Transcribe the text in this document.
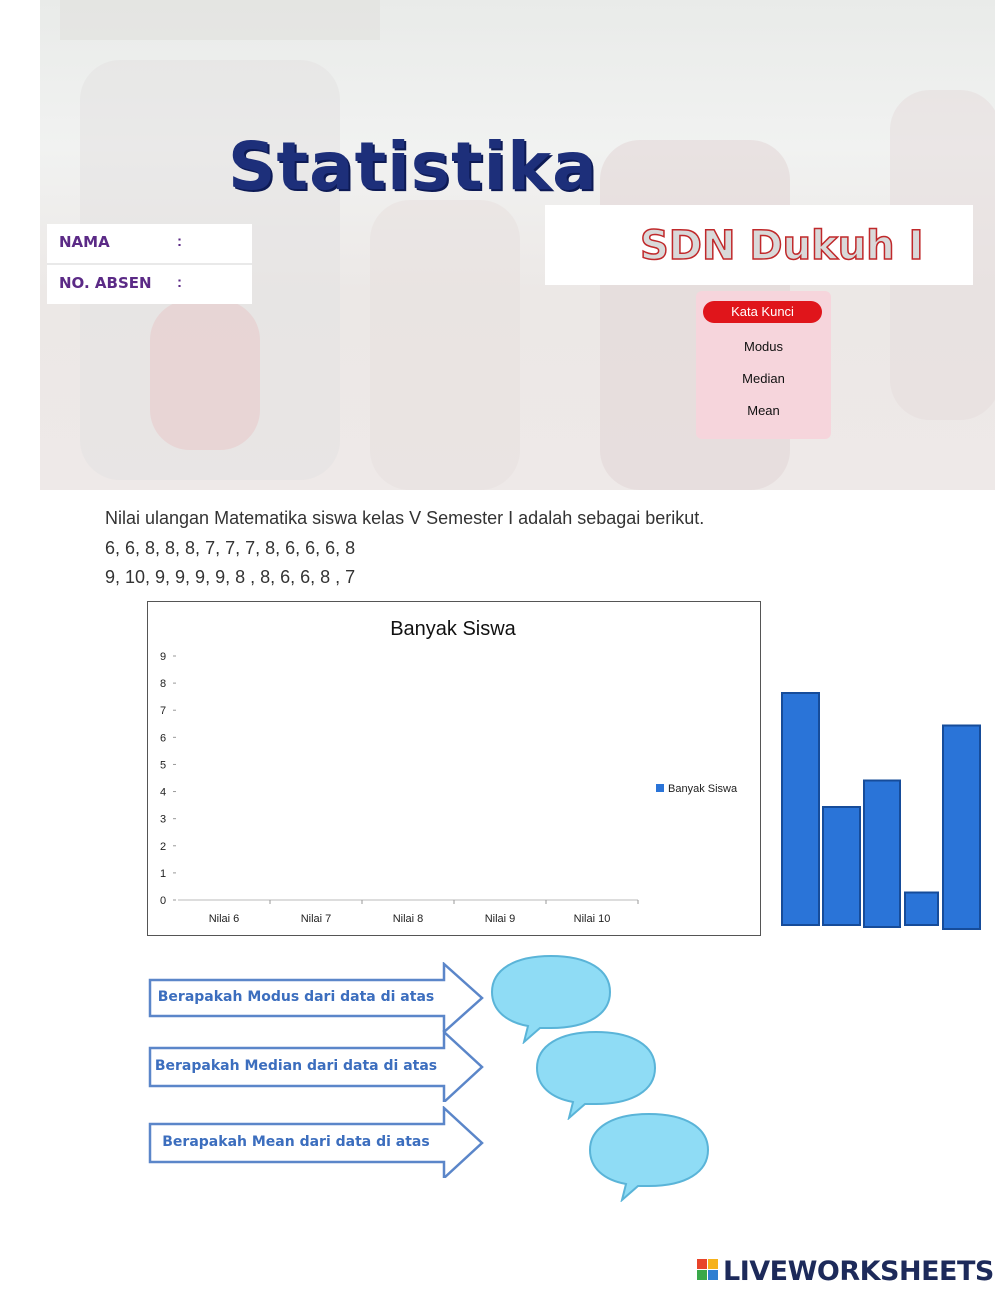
Statistika
NAMA	:
NO. ABSEN :
SDN Dukuh I
Kata Kunci
Modus
Median
Mean
Nilai ulangan Matematika siswa kelas V Semester I adalah sebagai berikut.
6, 6, 8, 8, 8, 7, 7, 7, 8, 6, 6, 6, 8
9, 10, 9, 9, 9, 9, 8 , 8, 6, 6, 8 , 7
Banyak Siswa
0
1
2
3
4
5
6
7
8
9
Nilai 6	Nilai 7	Nilai 8	Nilai 9	Nilai 10
Banyak Siswa
Berapakah Modus dari data di atas
Berapakah Median dari data di atas
Berapakah Mean dari data di atas
LIVEWORKSHEETS
